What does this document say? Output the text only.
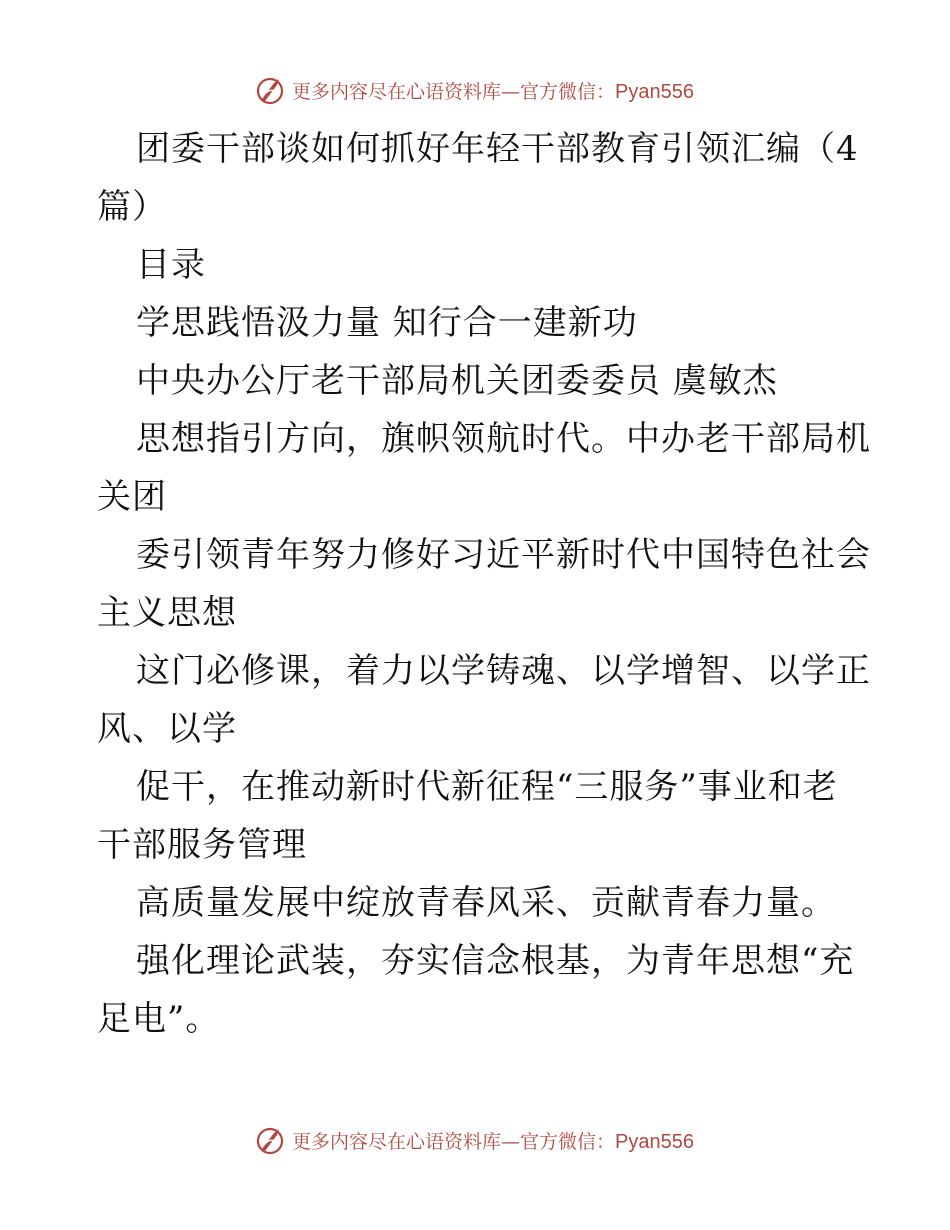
更多内容尽在心语资料库—官方微信：Pyan556
团委干部谈如何抓好年轻干部教育引领汇编（4
篇）
目录
学思践悟汲力量 知行合一建新功
中央办公厅老干部局机关团委委员 虞敏杰
思想指引方向，旗帜领航时代。中办老干部局机
关团
委引领青年努力修好习近平新时代中国特色社会
主义思想
这门必修课，着力以学铸魂、以学增智、以学正
风、以学
促干，在推动新时代新征程“三服务”事业和老
干部服务管理
高质量发展中绽放青春风采、贡献青春力量。
强化理论武装，夯实信念根基，为青年思想“充
足电”。
更多内容尽在心语资料库—官方微信：Pyan556
